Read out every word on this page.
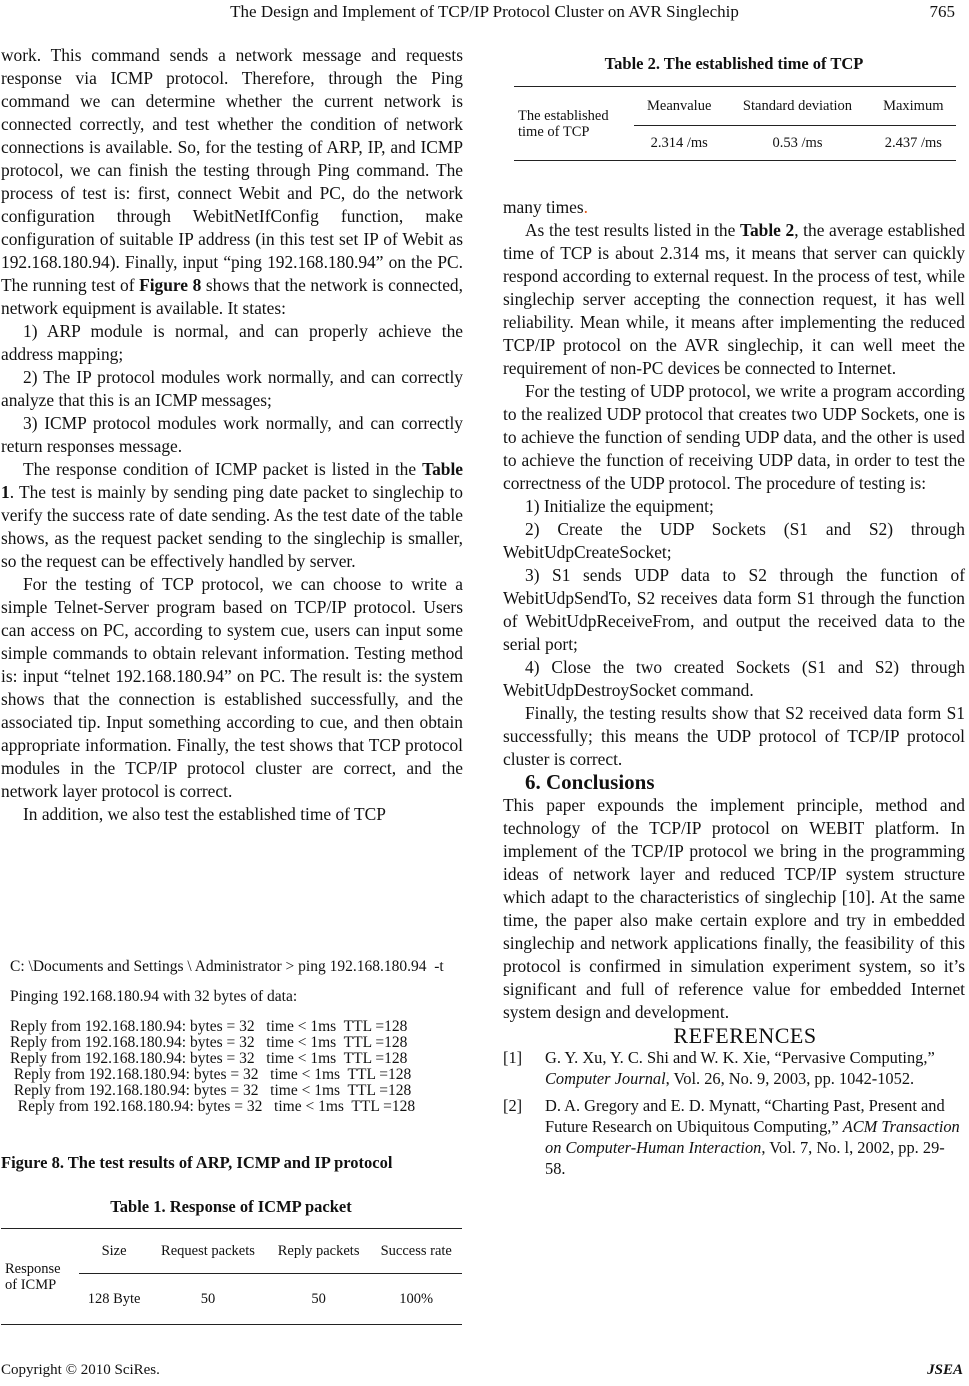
The Design and Implement of TCP/IP Protocol Cluster on AVR Singlechip	765

work. This command sends a network message and requests response via ICMP protocol. Therefore, through the Ping command we can determine whether the current network is connected correctly, and test whether the condition of network connections is available. So, for the testing of ARP, IP, and ICMP protocol, we can finish the testing through Ping command. The process of test is: first, connect Webit and PC, do the network configuration through WebitNetIfConfig function, make configuration of suitable IP address (in this test set IP of Webit as 192.168.180.94). Finally, input “ping 192.168.180.94” on the PC. The running test of Figure 8 shows that the network is connected, network equipment is available. It states:

1) ARP module is normal, and can properly achieve the address mapping;

2) The IP protocol modules work normally, and can correctly analyze that this is an ICMP messages;

3) ICMP protocol modules work normally, and can correctly return responses message.

The response condition of ICMP packet is listed in the Table 1. The test is mainly by sending ping date packet to singlechip to verify the success rate of date sending. As the test date of the table shows, as the request packet sending to the singlechip is smaller, so the request can be effectively handled by server.

For the testing of TCP protocol, we can choose to write a simple Telnet-Server program based on TCP/IP protocol. Users can access on PC, according to system cue, users can input some simple commands to obtain relevant information. Testing method is: input “telnet 192.168.180.94” on PC. The result is: the system shows that the connection is established successfully, and the associated tip. Input something according to cue, and then obtain appropriate information. Finally, the test shows that TCP protocol modules in the TCP/IP protocol cluster are correct, and the network layer protocol is correct.

In addition, we also test the established time of TCP

C: \Documents and Settings \ Administrator > ping 192.168.180.94  -t
Pinging 192.168.180.94 with 32 bytes of data:
Reply from 192.168.180.94: bytes = 32   time < 1ms  TTL =128
Reply from 192.168.180.94: bytes = 32   time < 1ms  TTL =128
Reply from 192.168.180.94: bytes = 32   time < 1ms  TTL =128
Reply from 192.168.180.94: bytes = 32   time < 1ms  TTL =128
Reply from 192.168.180.94: bytes = 32   time < 1ms  TTL =128
Reply from 192.168.180.94: bytes = 32   time < 1ms  TTL =128
Figure 8. The test results of ARP, ICMP and IP protocol
Table 1. Response of ICMP packet
Response of ICMP	Size	Request packets	Reply packets	Success rate
	128 Byte	50	50	100%
Table 2. The established time of TCP
The established time of TCP	Meanvalue	Standard deviation	Maximum
	2.314 /ms	0.53 /ms	2.437 /ms

many times.

As the test results listed in the Table 2, the average established time of TCP is about 2.314 ms, it means that server can quickly respond according to external request. In the process of test, while singlechip server accepting the connection request, it has well reliability. Mean while, it means after implementing the reduced TCP/IP protocol on the AVR singlechip, it can well meet the requirement of non-PC devices be connected to Internet.

For the testing of UDP protocol, we write a program according to the realized UDP protocol that creates two UDP Sockets, one is to achieve the function of sending UDP data, and the other is used to achieve the function of receiving UDP data, in order to test the correctness of the UDP protocol. The procedure of testing is:

1) Initialize the equipment;

2) Create the UDP Sockets (S1 and S2) through WebitUdpCreateSocket;

3) S1 sends UDP data to S2 through the function of WebitUdpSendTo, S2 receives data form S1 through the function of WebitUdpReceiveFrom, and output the received data to the serial port;

4) Close the two created Sockets (S1 and S2) through WebitUdpDestroySocket command.

Finally, the testing results show that S2 received data form S1 successfully; this means the UDP protocol of TCP/IP protocol cluster is correct.

6. Conclusions

This paper expounds the implement principle, method and technology of the TCP/IP protocol on WEBIT platform. In implement of the TCP/IP protocol we bring in the programming ideas of network layer and reduced TCP/IP system structure which adapt to the characteristics of singlechip [10]. At the same time, the paper also make certain explore and try in embedded singlechip and network applications finally, the feasibility of this protocol is confirmed in simulation experiment system, so it’s significant and full of reference value for embedded Internet system design and development.

REFERENCES

[1]	G. Y. Xu, Y. C. Shi and W. K. Xie, “Pervasive Computing,” Computer Journal, Vol. 26, No. 9, 2003, pp. 1042-1052.
[2]	D. A. Gregory and E. D. Mynatt, “Charting Past, Present and Future Research on Ubiquitous Computing,” ACM Transaction on Computer-Human Interaction, Vol. 7, No. l, 2002, pp. 29-58.
Copyright © 2010 SciRes.	JSEA
